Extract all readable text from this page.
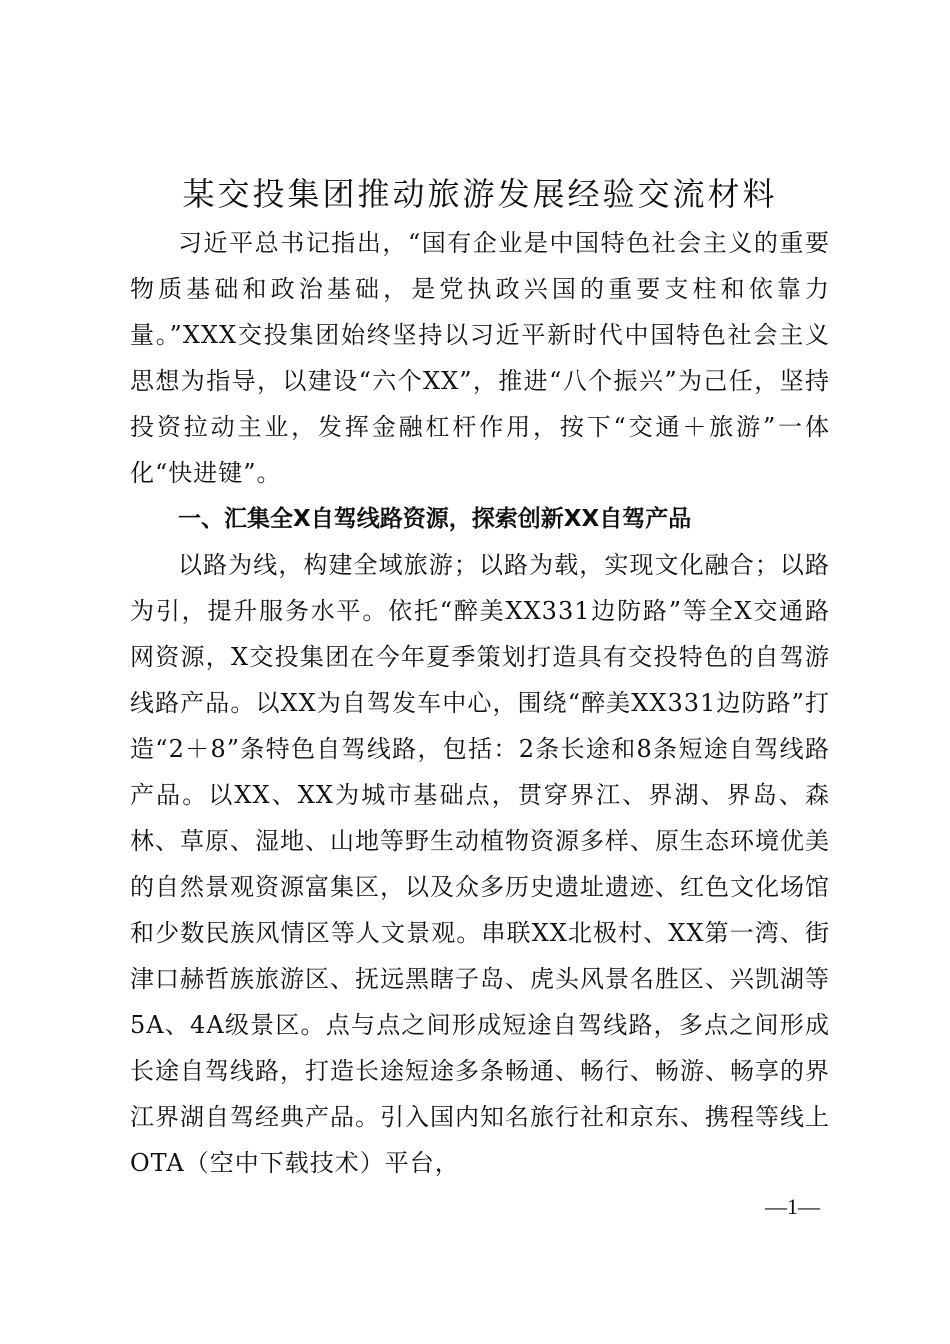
某交投集团推动旅游发展经验交流材料

习近平总书记指出，“国有企业是中国特色社会主义的重要物质基础和政治基础，是党执政兴国的重要支柱和依靠力量。”XXX交投集团始终坚持以习近平新时代中国特色社会主义思想为指导，以建设“六个XX”，推进“八个振兴”为己任，坚持投资拉动主业，发挥金融杠杆作用，按下“交通＋旅游”一体化“快进键”。

一、汇集全X自驾线路资源，探索创新XX自驾产品

以路为线，构建全域旅游；以路为载，实现文化融合；以路为引，提升服务水平。依托“醉美XX331边防路”等全X交通路网资源，X交投集团在今年夏季策划打造具有交投特色的自驾游线路产品。以XX为自驾发车中心，围绕“醉美XX331边防路”打造“2＋8”条特色自驾线路，包括：2条长途和8条短途自驾线路产品。以XX、XX为城市基础点，贯穿界江、界湖、界岛、森林、草原、湿地、山地等野生动植物资源多样、原生态环境优美的自然景观资源富集区，以及众多历史遗址遗迹、红色文化场馆和少数民族风情区等人文景观。串联XX北极村、XX第一湾、街津口赫哲族旅游区、抚远黑瞎子岛、虎头风景名胜区、兴凯湖等5A、4A级景区。点与点之间形成短途自驾线路，多点之间形成长途自驾线路，打造长途短途多条畅通、畅行、畅游、畅享的界江界湖自驾经典产品。引入国内知名旅行社和京东、携程等线上OTA（空中下载技术）平台，

—1—
